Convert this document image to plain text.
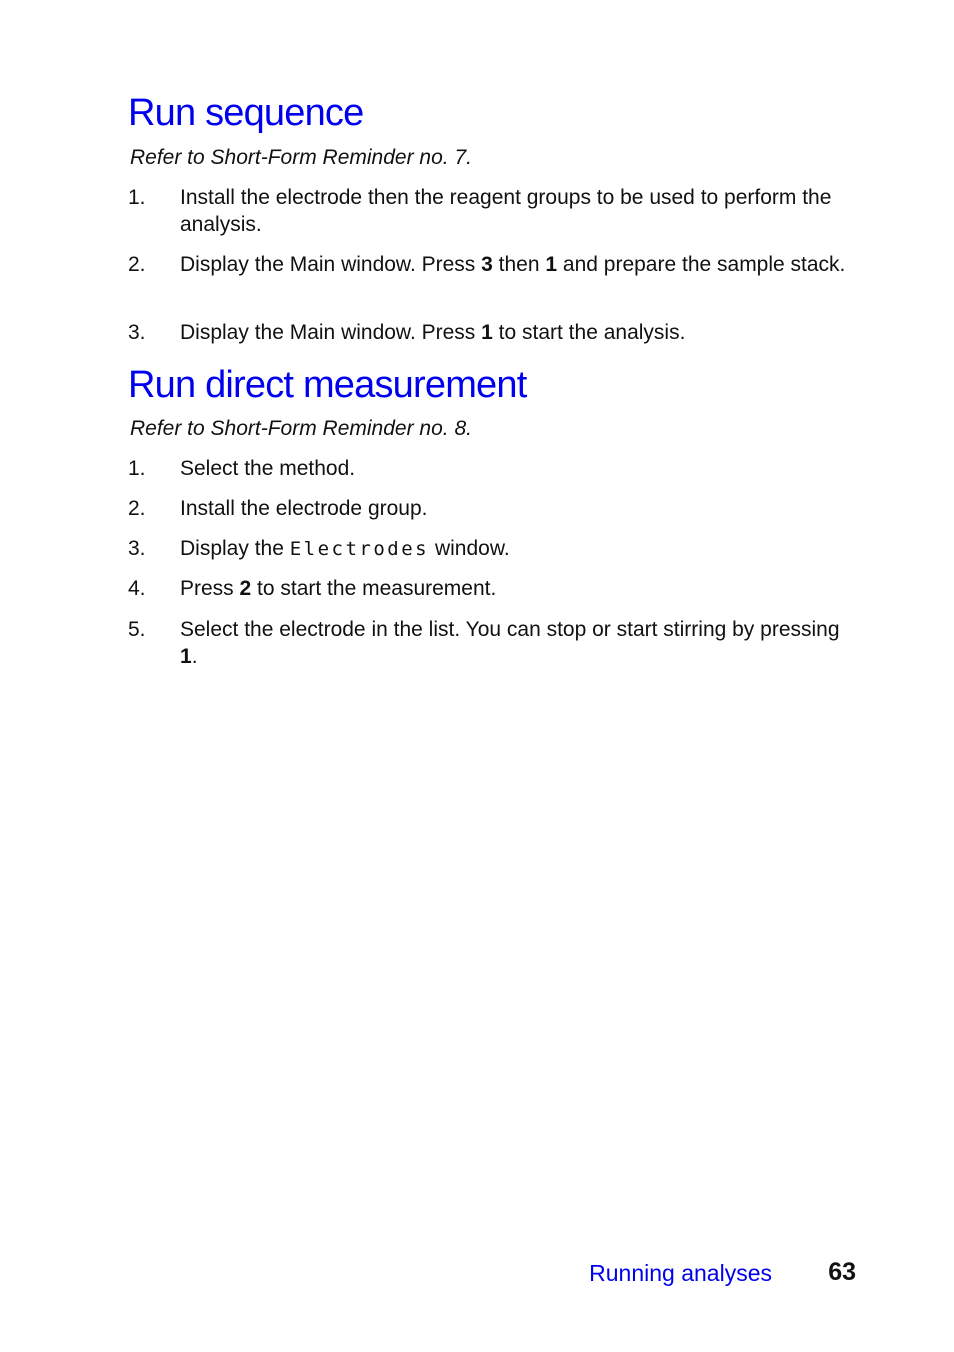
Run sequence

Refer to Short-Form Reminder no. 7.

1. Install the electrode then the reagent groups to be used to perform the analysis.
2. Display the Main window. Press 3 then 1 and prepare the sample stack.
3. Display the Main window. Press 1 to start the analysis.
Run direct measurement

Refer to Short-Form Reminder no. 8.

1. Select the method.
2. Install the electrode group.
3. Display the Electrodes window.
4. Press 2 to start the measurement.
5. Select the electrode in the list. You can stop or start stirring by pressing 1.
Running analyses 63
